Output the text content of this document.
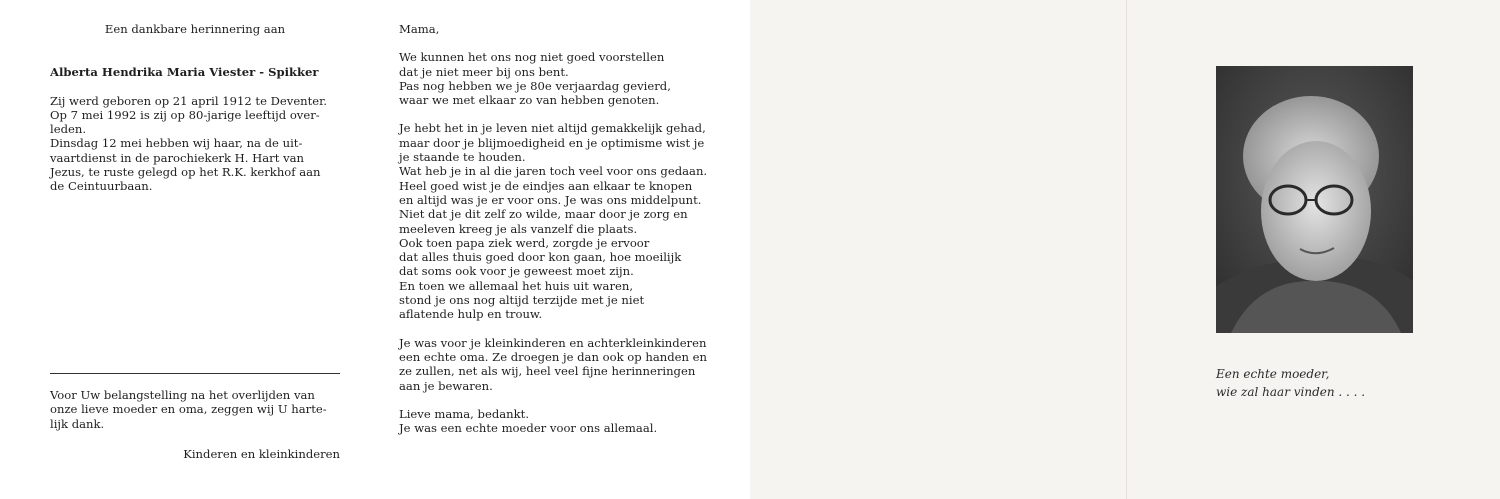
Een dankbare herinnering aan
Alberta Hendrika Maria Viester - Spikker
Zij werd geboren op 21 april 1912 te Deventer.
Op 7 mei 1992 is zij op 80-jarige leeftijd over-
leden.
Dinsdag 12 mei hebben wij haar, na de uit-
vaartdienst in de parochiekerk H. Hart van
Jezus, te ruste gelegd op het R.K. kerkhof aan
de Ceintuurbaan.
Voor Uw belangstelling na het overlijden van
onze lieve moeder en oma, zeggen wij U harte-
lijk dank.
Kinderen en kleinkinderen
Mama,
We kunnen het ons nog niet goed voorstellen
dat je niet meer bij ons bent.
Pas nog hebben we je 80e verjaardag gevierd,
waar we met elkaar zo van hebben genoten.
Je hebt het in je leven niet altijd gemakkelijk gehad,
maar door je blijmoedigheid en je optimisme wist je
je staande te houden.
Wat heb je in al die jaren toch veel voor ons gedaan.
Heel goed wist je de eindjes aan elkaar te knopen
en altijd was je er voor ons. Je was ons middelpunt.
Niet dat je dit zelf zo wilde, maar door je zorg en
meeleven kreeg je als vanzelf die plaats.
Ook toen papa ziek werd, zorgde je ervoor
dat alles thuis goed door kon gaan, hoe moeilijk
dat soms ook voor je geweest moet zijn.
En toen we allemaal het huis uit waren,
stond je ons nog altijd terzijde met je niet
aflatende hulp en trouw.
Je was voor je kleinkinderen en achterkleinkinderen
een echte oma. Ze droegen je dan ook op handen en
ze zullen, net als wij, heel veel fijne herinneringen
aan je bewaren.
Lieve mama, bedankt.
Je was een echte moeder voor ons allemaal.
Een echte moeder,
wie zal haar vinden . . . .
